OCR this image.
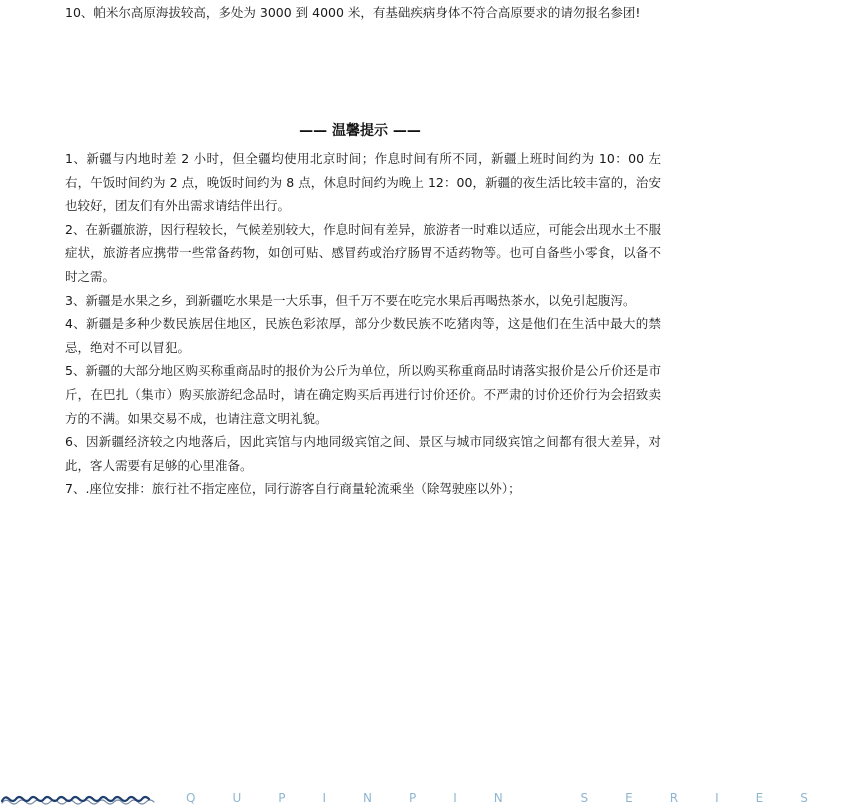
10、帕米尔高原海拔较高，多处为 3000 到 4000 米，有基础疾病身体不符合高原要求的请勿报名参团!
—— 温馨提示 ——

1、新疆与内地时差 2 小时，但全疆均使用北京时间；作息时间有所不同，新疆上班时间约为 10：00 左右，午饭时间约为 2 点，晚饭时间约为 8 点，休息时间约为晚上 12：00，新疆的夜生活比较丰富的，治安也较好，团友们有外出需求请结伴出行。

2、在新疆旅游，因行程较长，气候差别较大，作息时间有差异，旅游者一时难以适应，可能会出现水土不服症状，旅游者应携带一些常备药物，如创可贴、感冒药或治疗肠胃不适药物等。也可自备些小零食，以备不时之需。

3、新疆是水果之乡，到新疆吃水果是一大乐事，但千万不要在吃完水果后再喝热茶水，以免引起腹泻。

4、新疆是多种少数民族居住地区，民族色彩浓厚，部分少数民族不吃猪肉等，这是他们在生活中最大的禁忌，绝对不可以冒犯。

5、新疆的大部分地区购买称重商品时的报价为公斤为单位，所以购买称重商品时请落实报价是公斤价还是市斤，在巴扎（集市）购买旅游纪念品时，请在确定购买后再进行讨价还价。不严肃的讨价还价行为会招致卖方的不满。如果交易不成，也请注意文明礼貌。

6、因新疆经济较之内地落后，因此宾馆与内地同级宾馆之间、景区与城市同级宾馆之间都有很大差异，对此，客人需要有足够的心里准备。

7、.座位安排：旅行社不指定座位，同行游客自行商量轮流乘坐（除驾驶座以外）；

QUPINPIN SERIES
